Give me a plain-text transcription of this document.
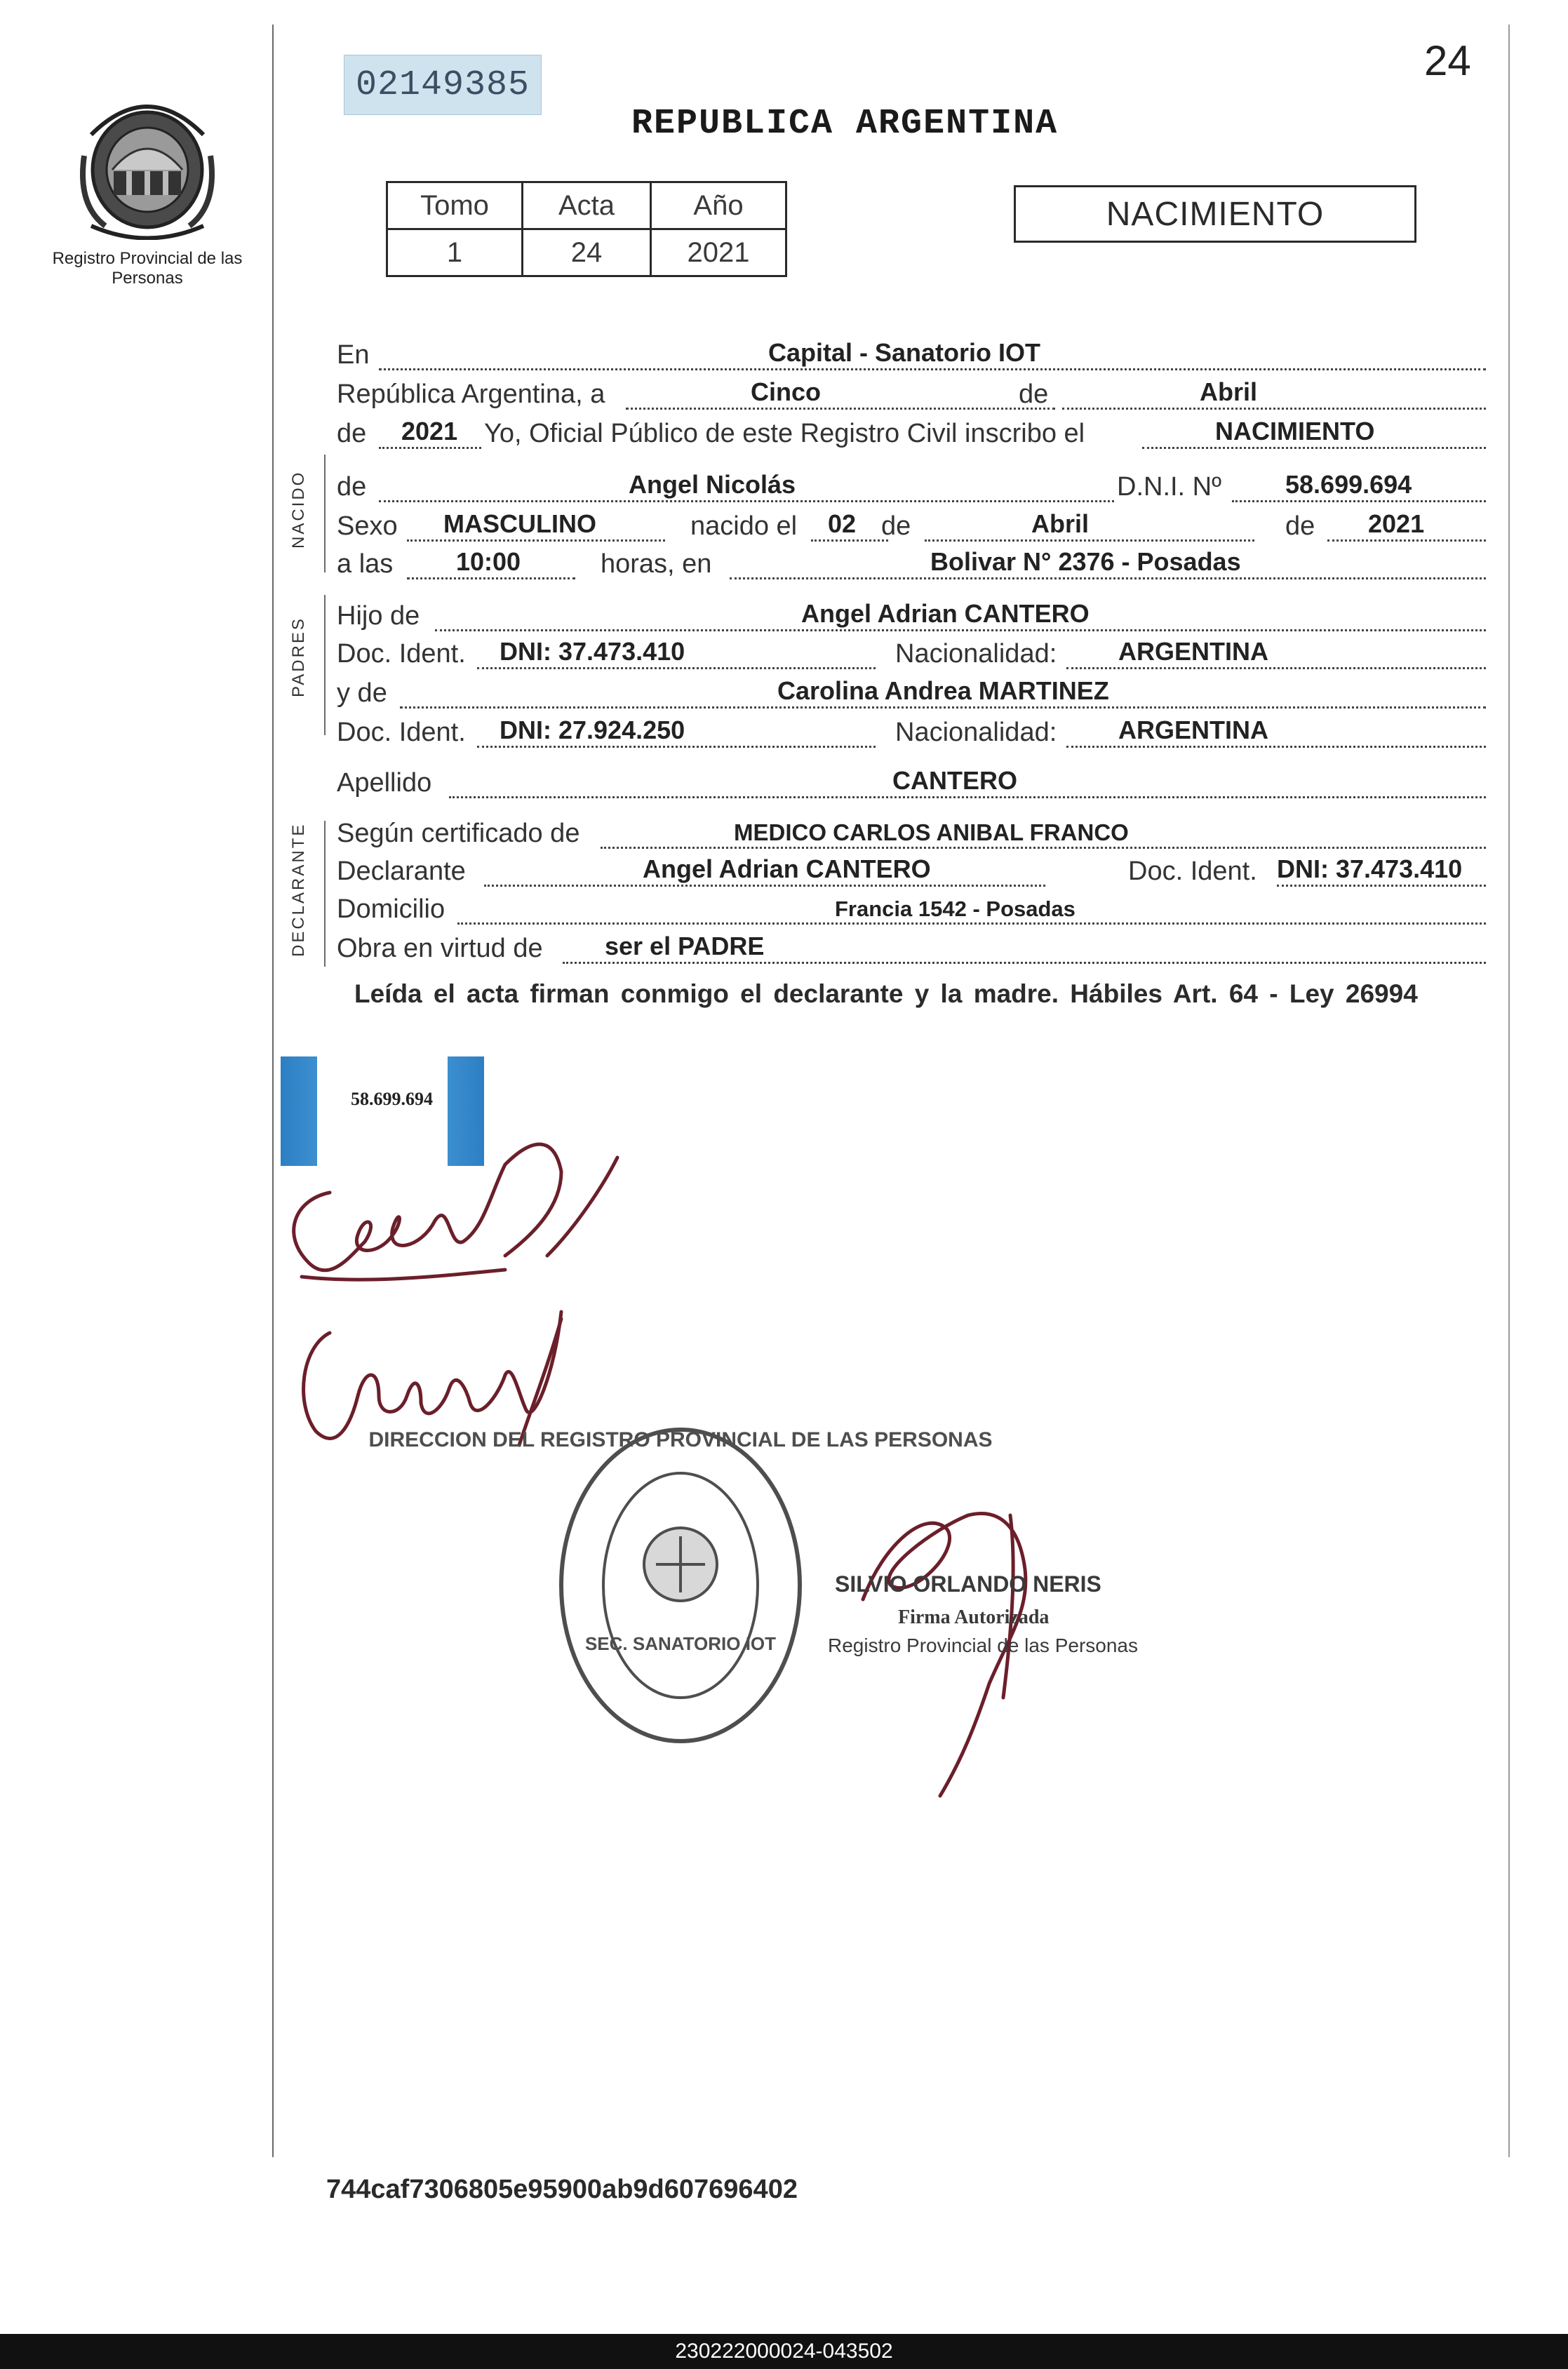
24
02149385
REPUBLICA ARGENTINA
Registro Provincial de las Personas
Tomo	Acta	Año
1	24	2021
NACIMIENTO
En	Capital - Sanatorio IOT
República Argentina, a	Cinco	de	Abril
de 2021 Yo, Oficial Público de este Registro Civil inscribo el	NACIMIENTO
NACIDO de	Angel Nicolás	D.N.I. Nº	58.699.694
Sexo MASCULINO	nacido el 02 de	Abril	de 2021
a las 10:00	horas, en	Bolivar N° 2376 - Posadas
PADRES
Hijo de	Angel Adrian CANTERO
Doc. Ident. DNI: 37.473.410	Nacionalidad: ARGENTINA
y de	Carolina Andrea MARTINEZ
Doc. Ident. DNI: 27.924.250	Nacionalidad: ARGENTINA
Apellido	CANTERO
DECLARANTE Según certificado de	MEDICO CARLOS ANIBAL FRANCO
Declarante	Angel Adrian CANTERO	Doc. Ident. DNI: 37.473.410
Domicilio	Francia 1542 - Posadas
Obra en virtud de ser el PADRE
Leída el acta firman conmigo el declarante y la madre. Hábiles Art. 64 - Ley 26994
58.699.694
DIRECCION DEL REGISTRO PROVINCIAL DE LAS PERSONAS
SEC. SANATORIO IOT
SILVIO ORLANDO NERIS
Firma Autorizada
Registro Provincial de las Personas
744caf7306805e95900ab9d607696402
230222000024-043502
